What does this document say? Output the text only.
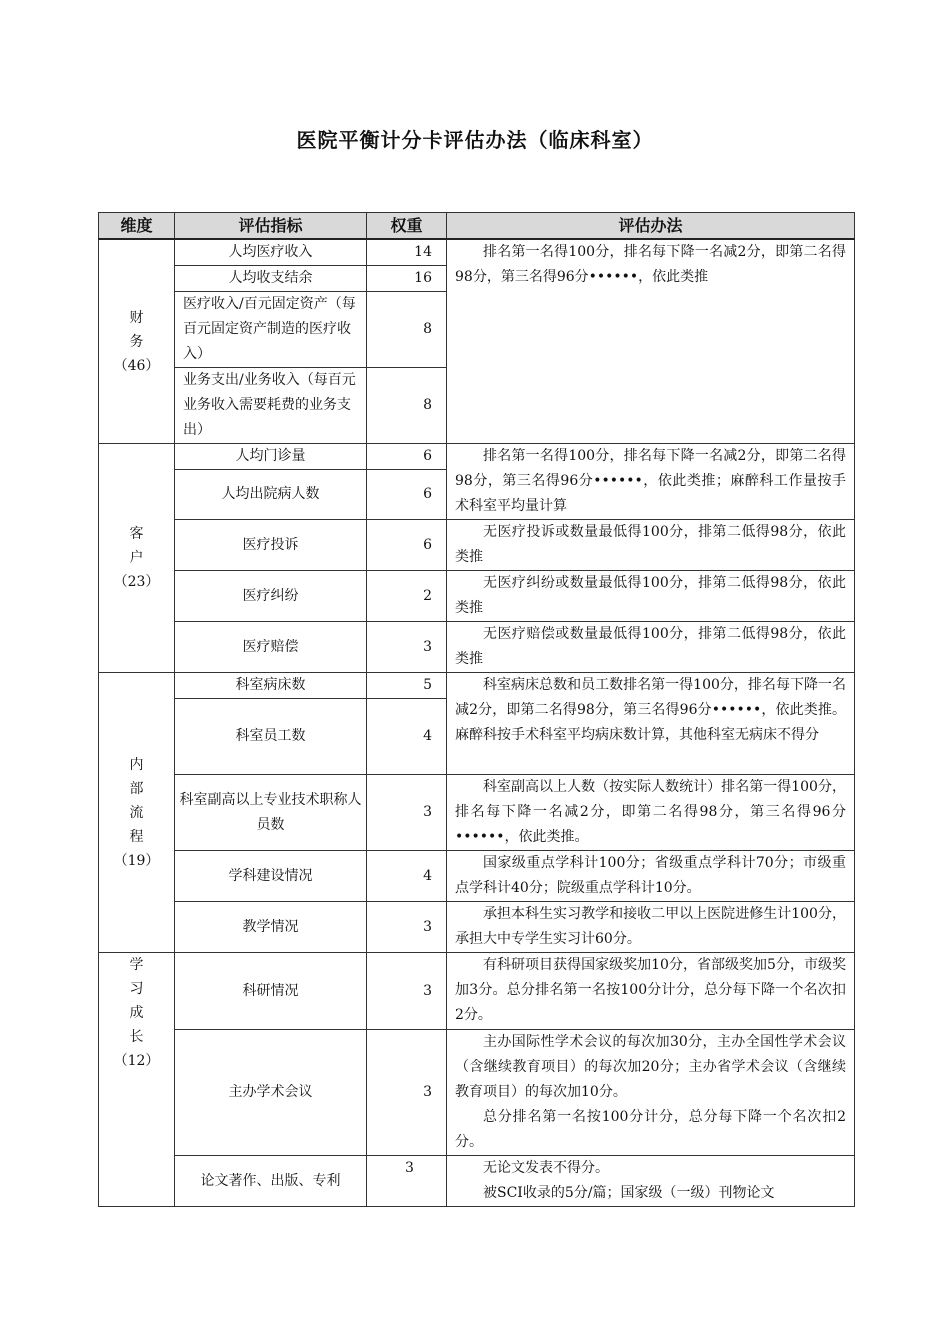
医院平衡计分卡评估办法（临床科室）
维度	评估指标	权重	评估办法

财
务
（46）	人均医疗收入	14	排名第一名得100分，排名每下降一名减2分，即第二名得98分，第三名得96分••••••，依此类推

	人均收支结余	16	
	医疗收入/百元固定资产（每百元固定资产制造的医疗收入）	8	
	业务支出/业务收入（每百元业务收入需要耗费的业务支出）	8	

客
户
（23）	人均门诊量	6	排名第一名得100分，排名每下降一名减2分，即第二名得98分，第三名得96分••••••，依此类推；麻醉科工作量按手术科室平均量计算

	人均出院病人数	6	
	医疗投诉	6	无医疗投诉或数量最低得100分，排第二低得98分，依此类推

	医疗纠纷	2	无医疗纠纷或数量最低得100分，排第二低得98分，依此类推

	医疗赔偿	3	无医疗赔偿或数量最低得100分，排第二低得98分，依此类推

内
部
流
程
（19）	科室病床数	5	科室病床总数和员工数排名第一得100分，排名每下降一名减2分，即第二名得98分，第三名得96分••••••，依此类推。麻醉科按手术科室平均病床数计算，其他科室无病床不得分

	科室员工数	4	
	科室副高以上专业技术职称人员数	3	科室副高以上人数（按实际人数统计）排名第一得100分，排名每下降一名减2分，即第二名得98分，第三名得96分••••••，依此类推。

	学科建设情况	4	国家级重点学科计100分；省级重点学科计70分；市级重点学科计40分；院级重点学科计10分。

	教学情况	3	承担本科生实习教学和接收二甲以上医院进修生计100分，承担大中专学生实习计60分。

学
习
成
长
（12）	科研情况	3	有科研项目获得国家级奖加10分，省部级奖加5分，市级奖加3分。总分排名第一名按100分计分，总分每下降一个名次扣2分。

	主办学术会议	3	主办国际性学术会议的每次加30分，主办全国性学术会议（含继续教育项目）的每次加20分；主办省学术会议（含继续教育项目）的每次加10分。

总分排名第一名按100分计分，总分每下降一个名次扣2分。

	论文著作、出版、专利	3	无论文发表不得分。

被SCI收录的5分/篇；国家级（一级）刊物论文
